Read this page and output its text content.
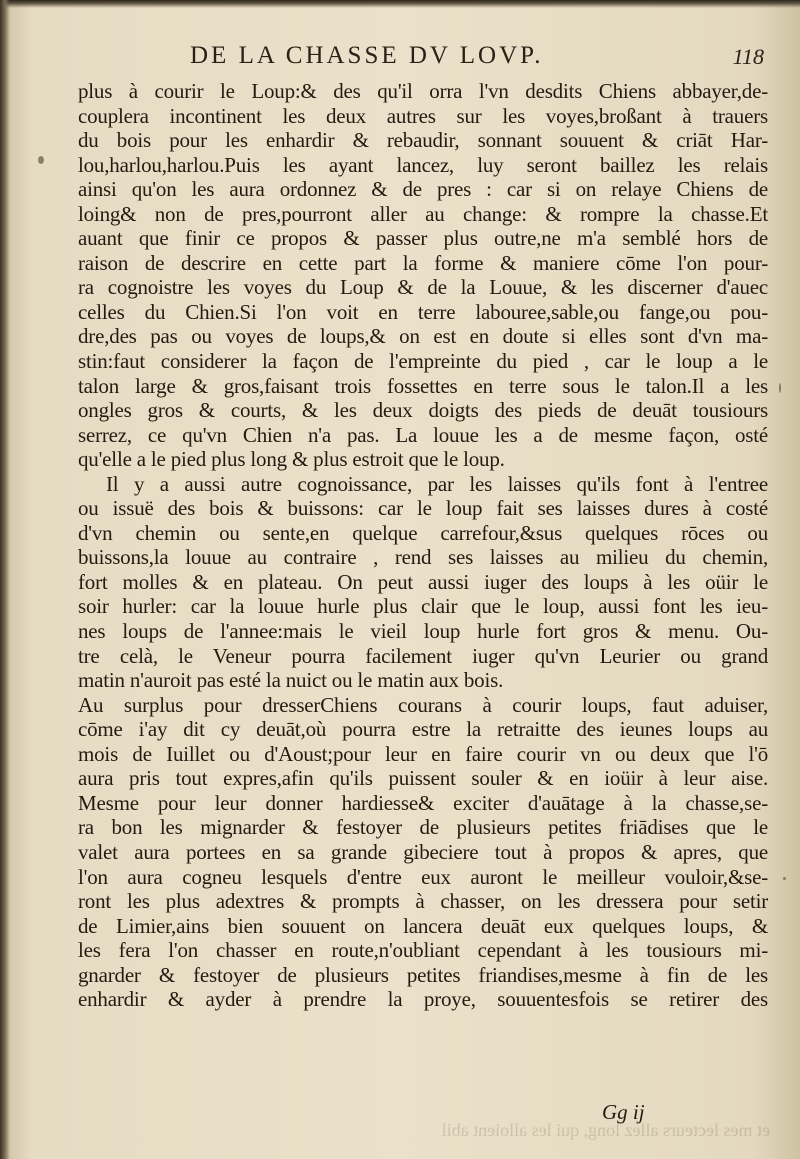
DE LA CHASSE DV LOVP.	118
plus à courir le Loup:& des qu'il orra l'vn desdits Chiens abbayer,de-
couplera incontinent les deux autres sur les voyes,broßant à trauers
du bois pour les enhardir & rebaudir, sonnant souuent & criāt Har-
lou,harlou,harlou.Puis les ayant lancez, luy seront baillez les relais
ainsi qu'on les aura ordonnez & de pres : car si on relaye Chiens de
loing& non de pres,pourront aller au change: & rompre la chasse.Et
auant que finir ce propos & passer plus outre,ne m'a semblé hors de
raison de descrire en cette part la forme & maniere cōme l'on pour-
ra cognoistre les voyes du Loup & de la Louue, & les discerner d'auec
celles du Chien.Si l'on voit en terre labouree,sable,ou fange,ou pou-
dre,des pas ou voyes de loups,& on est en doute si elles sont d'vn ma-
stin:faut considerer la façon de l'empreinte du pied , car le loup a le
talon large & gros,faisant trois fossettes en terre sous le talon.Il a les
ongles gros & courts, & les deux doigts des pieds de deuāt tousiours
serrez, ce qu'vn Chien n'a pas. La louue les a de mesme façon, osté
qu'elle a le pied plus long & plus estroit que le loup.
Il y a aussi autre cognoissance, par les laisses qu'ils font à l'entree
ou issuë des bois & buissons: car le loup fait ses laisses dures à costé
d'vn chemin ou sente,en quelque carrefour,&sus quelques rōces ou
buissons,la louue au contraire , rend ses laisses au milieu du chemin,
fort molles & en plateau. On peut aussi iuger des loups à les oüir le
soir hurler: car la louue hurle plus clair que le loup, aussi font les ieu-
nes loups de l'annee:mais le vieil loup hurle fort gros & menu. Ou-
tre celà, le Veneur pourra facilement iuger qu'vn Leurier ou grand
matin n'auroit pas esté la nuict ou le matin aux bois.
Au surplus pour dresserChiens courans à courir loups, faut aduiser,
cōme i'ay dit cy deuāt,où pourra estre la retraitte des ieunes loups au
mois de Iuillet ou d'Aoust;pour leur en faire courir vn ou deux que l'ō
aura pris tout expres,afin qu'ils puissent souler & en ioüir à leur aise.
Mesme pour leur donner hardiesse& exciter d'auātage à la chasse,se-
ra bon les mignarder & festoyer de plusieurs petites friādises que le
valet aura portees en sa grande gibeciere tout à propos & apres, que
l'on aura cogneu lesquels d'entre eux auront le meilleur vouloir,&se-
ront les plus adextres & prompts à chasser, on les dressera pour setir
de Limier,ains bien souuent on lancera deuāt eux quelques loups, &
les fera l'on chasser en route,n'oubliant cependant à les tousiours mi-
gnarder & festoyer de plusieurs petites friandises,mesme à fin de les
enhardir & ayder à prendre la proye, souuentesfois se retirer des
Gg ij
et mes lecteurs allez long, qui les alloient abil
